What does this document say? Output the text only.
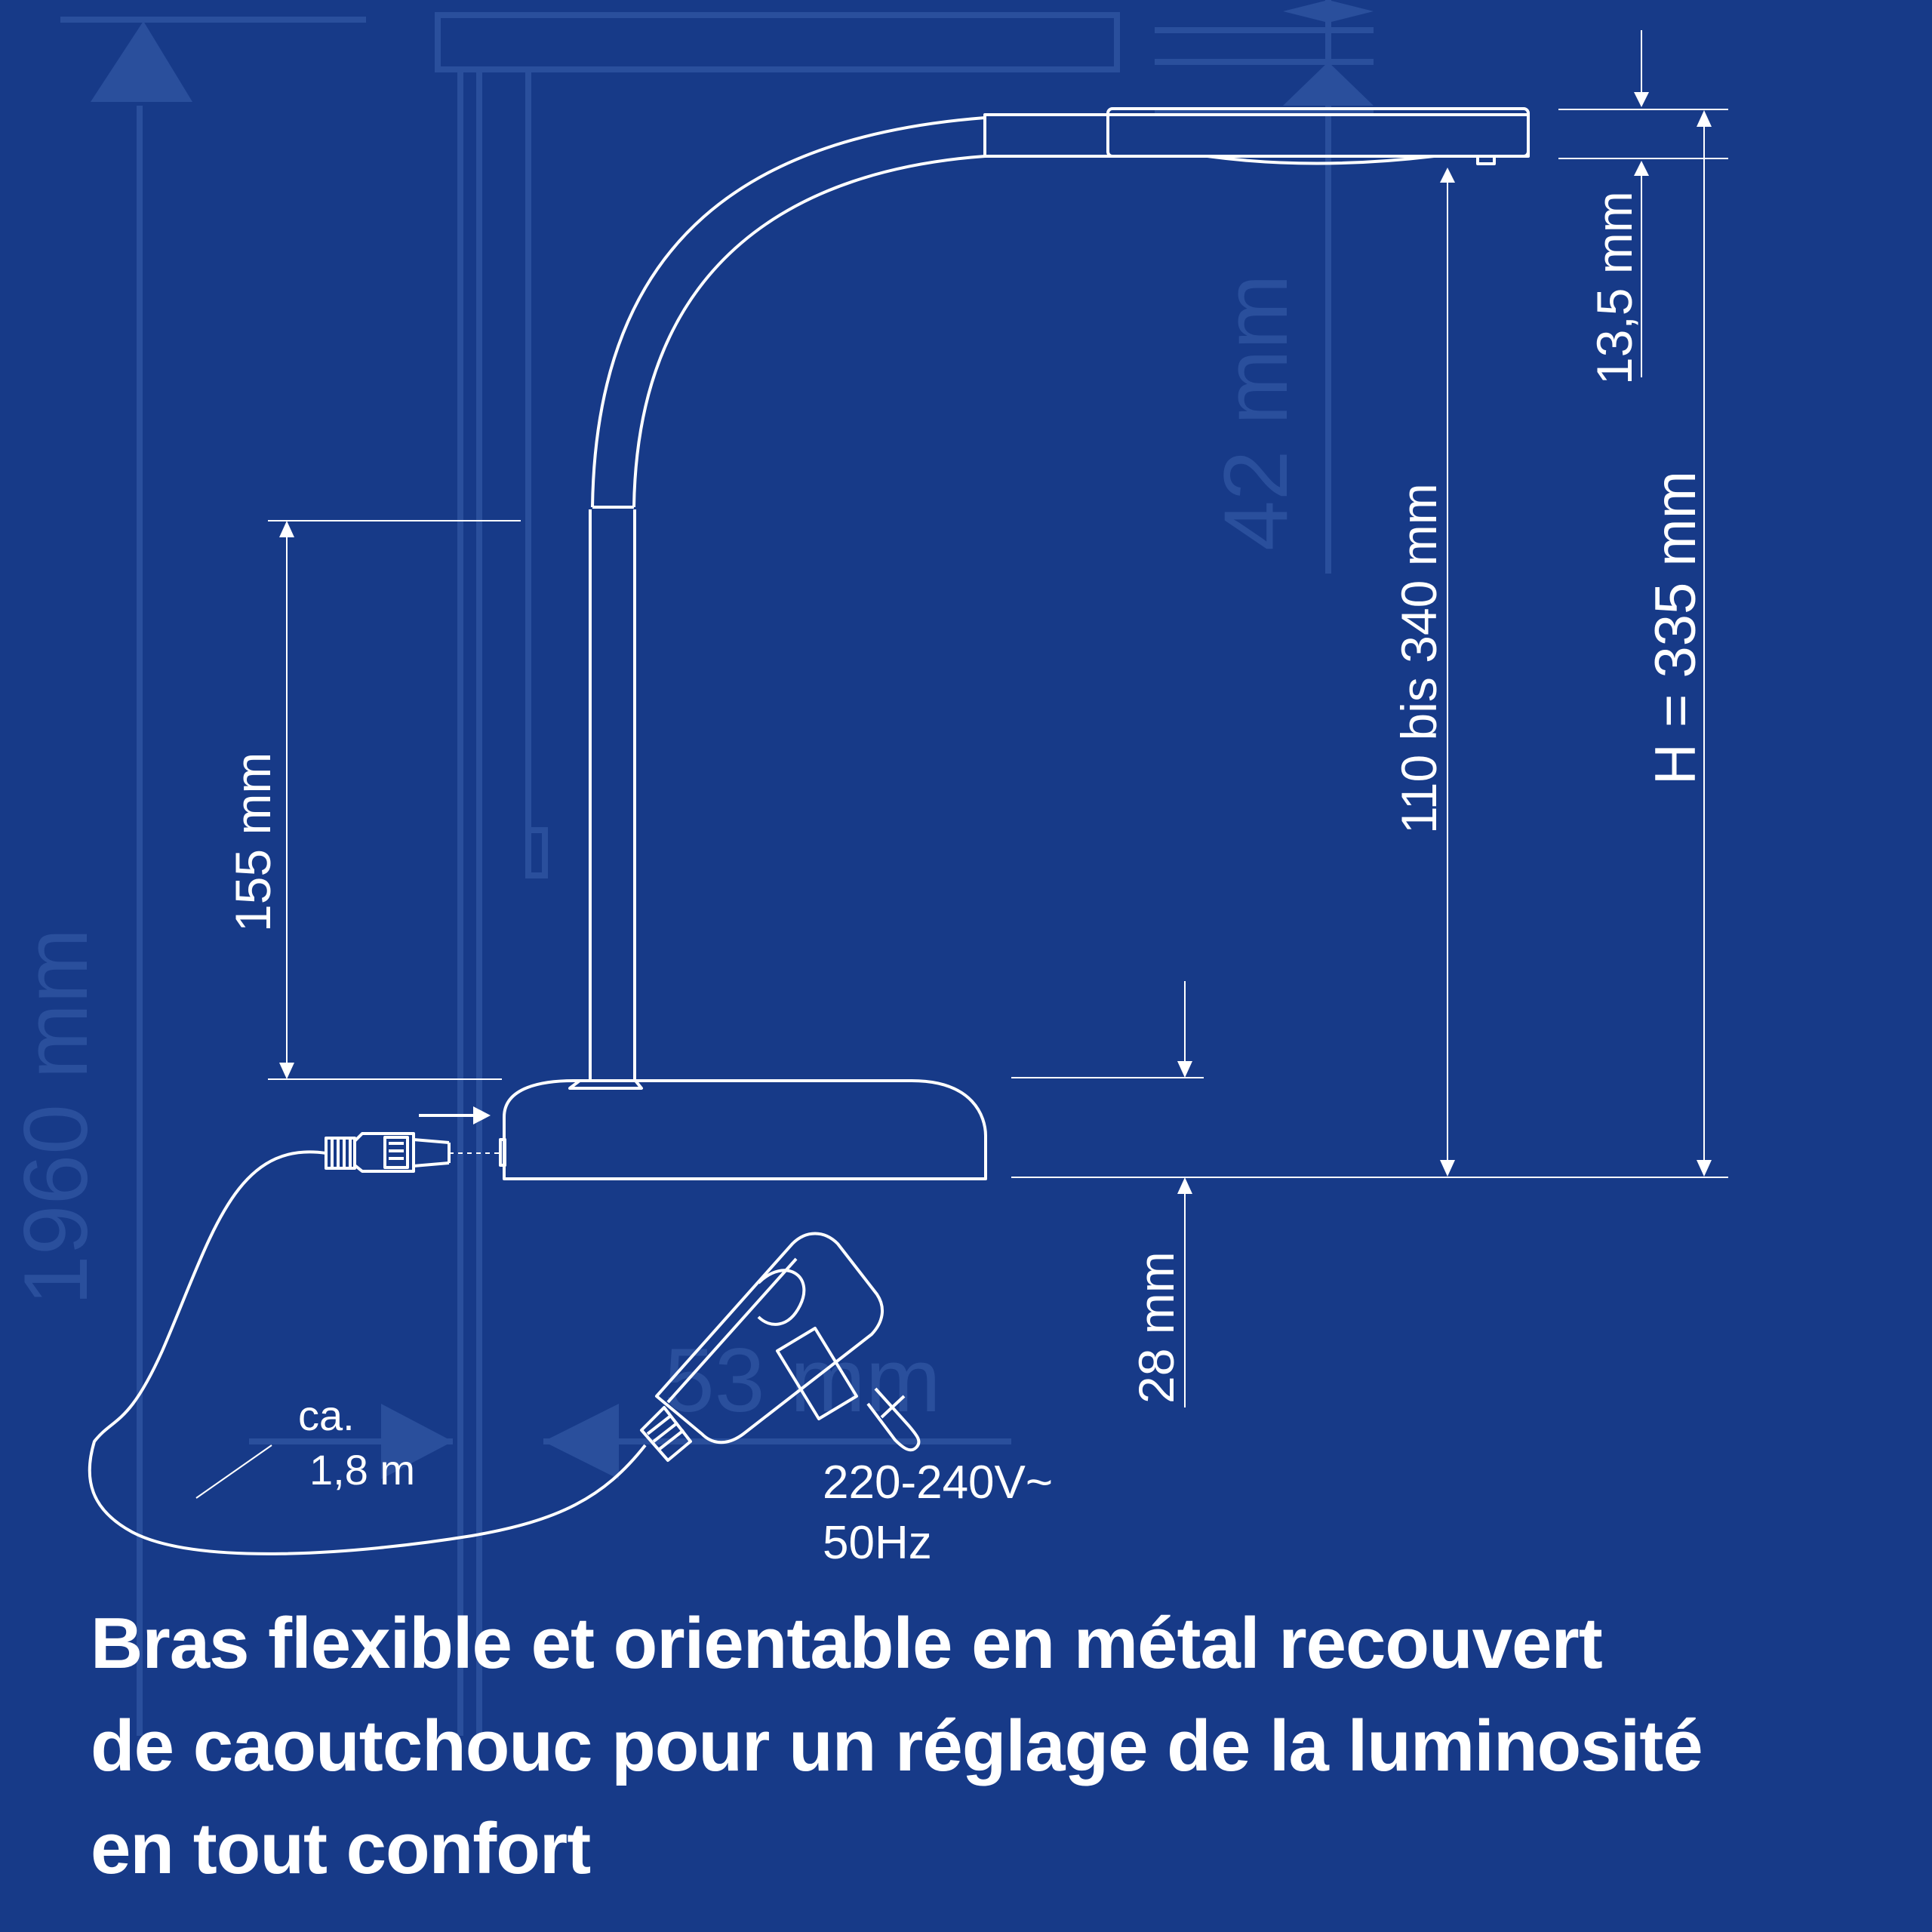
1960 mm
42 mm
53 mm
13,5 mm
110 bis 340 mm	H = 335 mm
155 mm
28 mm
ca.
1,8 m	220-240V~
50Hz
Bras flexible et orientable en métal recouvert
de caoutchouc pour un réglage de la luminosité
en tout confort
